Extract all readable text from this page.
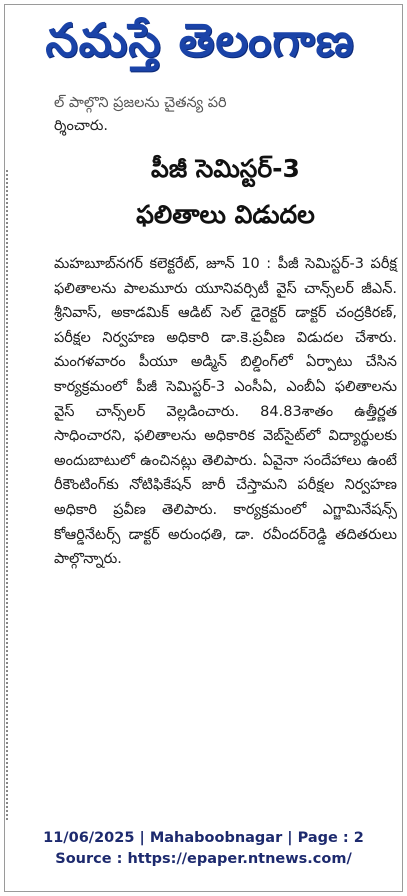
నమస్తే తెలంగాణ
ల్ పాల్గొని ప్రజలను చైతన్య పరి
ర్శించారు.
పీజీ సెమిస్టర్-3
ఫలితాలు విడుదల

మహబూబ్‌నగర్ కలెక్టరేట్, జూన్ 10 : పీజీ సెమిస్టర్-3 పరీక్ష ఫలితాలను పాలమూరు యూనివర్సిటీ వైస్ చాన్స్‌లర్ జీఎన్. శ్రీనివాస్, అకాడమిక్ ఆడిట్ సెల్ డైరెక్టర్ డాక్టర్ చంద్రకిరణ్, పరీక్షల నిర్వహణ అధికారి డా.కె.ప్రవీణ విడుదల చేశారు. మంగళవారం పీయూ అడ్మిన్ బిల్డింగ్‌లో ఏర్పాటు చేసిన కార్యక్రమంలో పీజీ సెమిస్టర్-3 ఎంసీఏ, ఎంబీఏ ఫలితాలను వైస్ చాన్స్‌లర్ వెల్లడించారు. 84.83శాతం ఉత్తీర్ణత సాధించారని, ఫలితాలను అధికారిక వెబ్‌సైట్‌లో విద్యార్థులకు అందుబాటులో ఉంచినట్లు తెలిపారు. ఏవైనా సందేహాలు ఉంటే రీకౌంటింగ్‌కు నోటిఫికేషన్ జారీ చేస్తామని పరీక్షల నిర్వహణ అధికారి ప్రవీణ తెలిపారు. కార్యక్రమంలో ఎగ్జామినేషన్స్ కోఆర్డినేటర్స్ డాక్టర్ అరుంధతి, డా. రవీందర్‌రెడ్డి తదితరులు పాల్గొన్నారు.

11/06/2025 | Mahaboobnagar | Page : 2
Source : https://epaper.ntnews.com/
